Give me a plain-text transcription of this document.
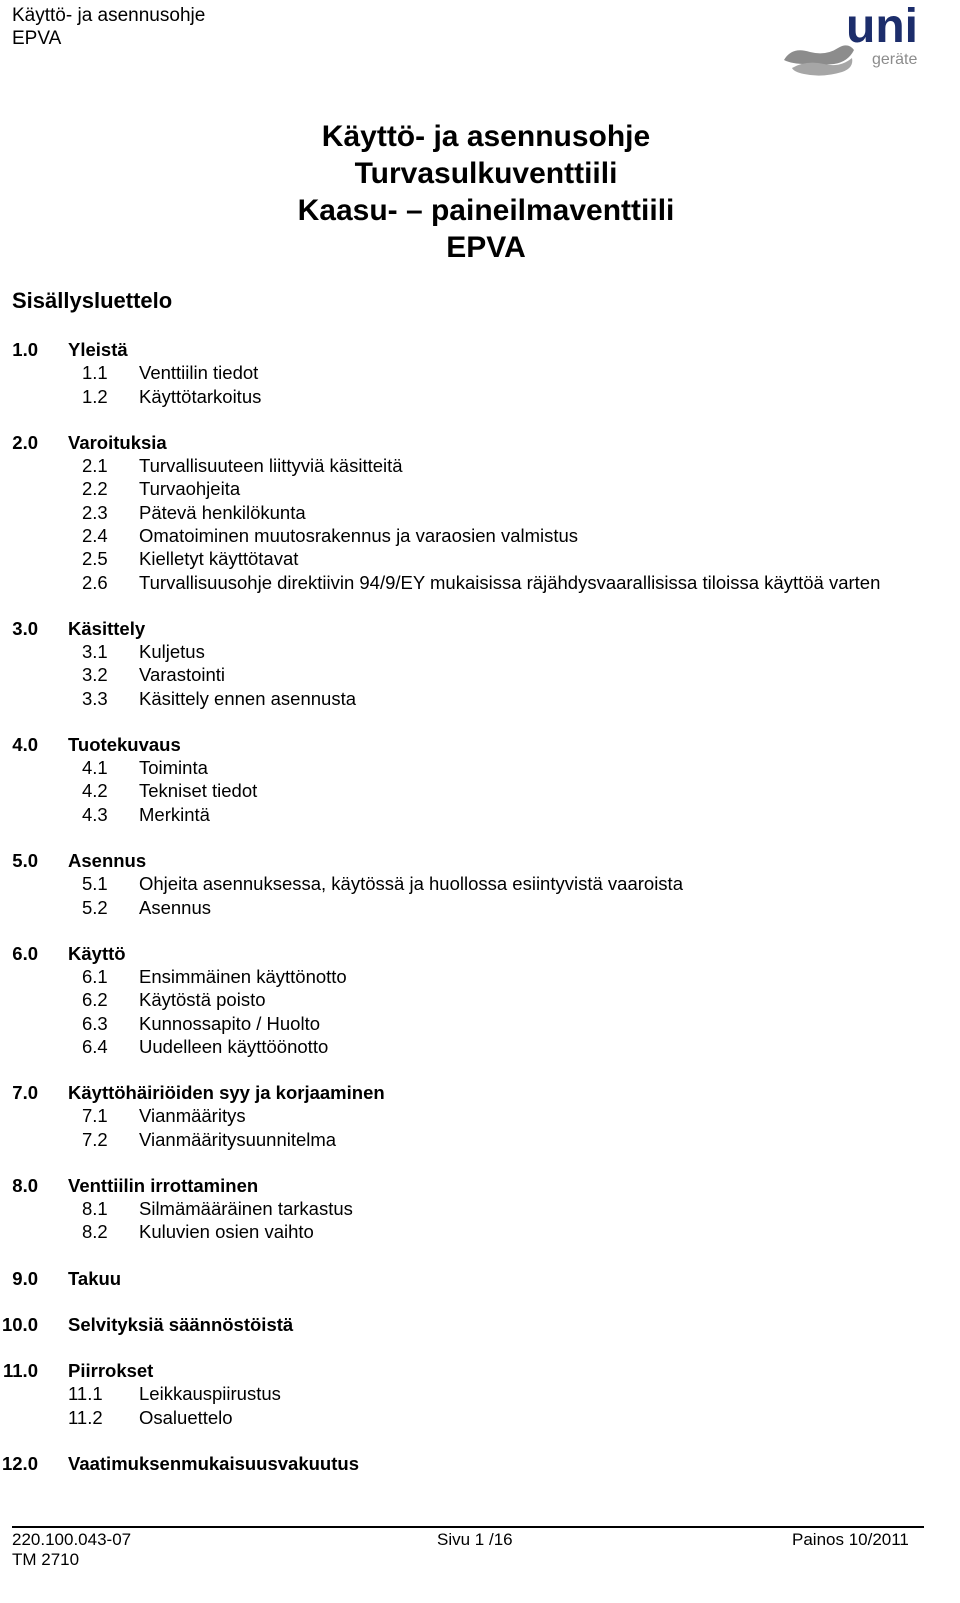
Käyttö- ja asennusohje
EPVA	uni
geräte
Käyttö- ja asennusohje
Turvasulkuventtiili
Kaasu- – paineilmaventtiili
EPVA
Sisällysluettelo
1.0 Yleistä
1.1 Venttiilin tiedot
1.2 Käyttötarkoitus
2.0 Varoituksia
2.1 Turvallisuuteen liittyviä käsitteitä
2.2 Turvaohjeita
2.3 Pätevä henkilökunta
2.4 Omatoiminen muutosrakennus ja varaosien valmistus
2.5 Kielletyt käyttötavat
2.6 Turvallisuusohje direktiivin 94/9/EY mukaisissa räjähdysvaarallisissa tiloissa käyttöä varten
3.0 Käsittely
3.1 Kuljetus
3.2 Varastointi
3.3 Käsittely ennen asennusta
4.0 Tuotekuvaus
4.1 Toiminta
4.2 Tekniset tiedot
4.3 Merkintä
5.0 Asennus
5.1 Ohjeita asennuksessa, käytössä ja huollossa esiintyvistä vaaroista
5.2 Asennus
6.0 Käyttö
6.1 Ensimmäinen käyttönotto
6.2 Käytöstä poisto
6.3 Kunnossapito / Huolto
6.4 Uudelleen käyttöönotto
7.0 Käyttöhäiriöiden syy ja korjaaminen
7.1 Vianmääritys
7.2 Vianmääritysuunnitelma
8.0 Venttiilin irrottaminen
8.1 Silmämääräinen tarkastus
8.2 Kuluvien osien vaihto
9.0 Takuu
10.0 Selvityksiä säännöstöistä
11.0 Piirrokset
11.1 Leikkauspiirustus
11.2 Osaluettelo
12.0 Vaatimuksenmukaisuusvakuutus
220.100.043-07
TM 2710
Sivu 1 /16	Painos 10/2011
